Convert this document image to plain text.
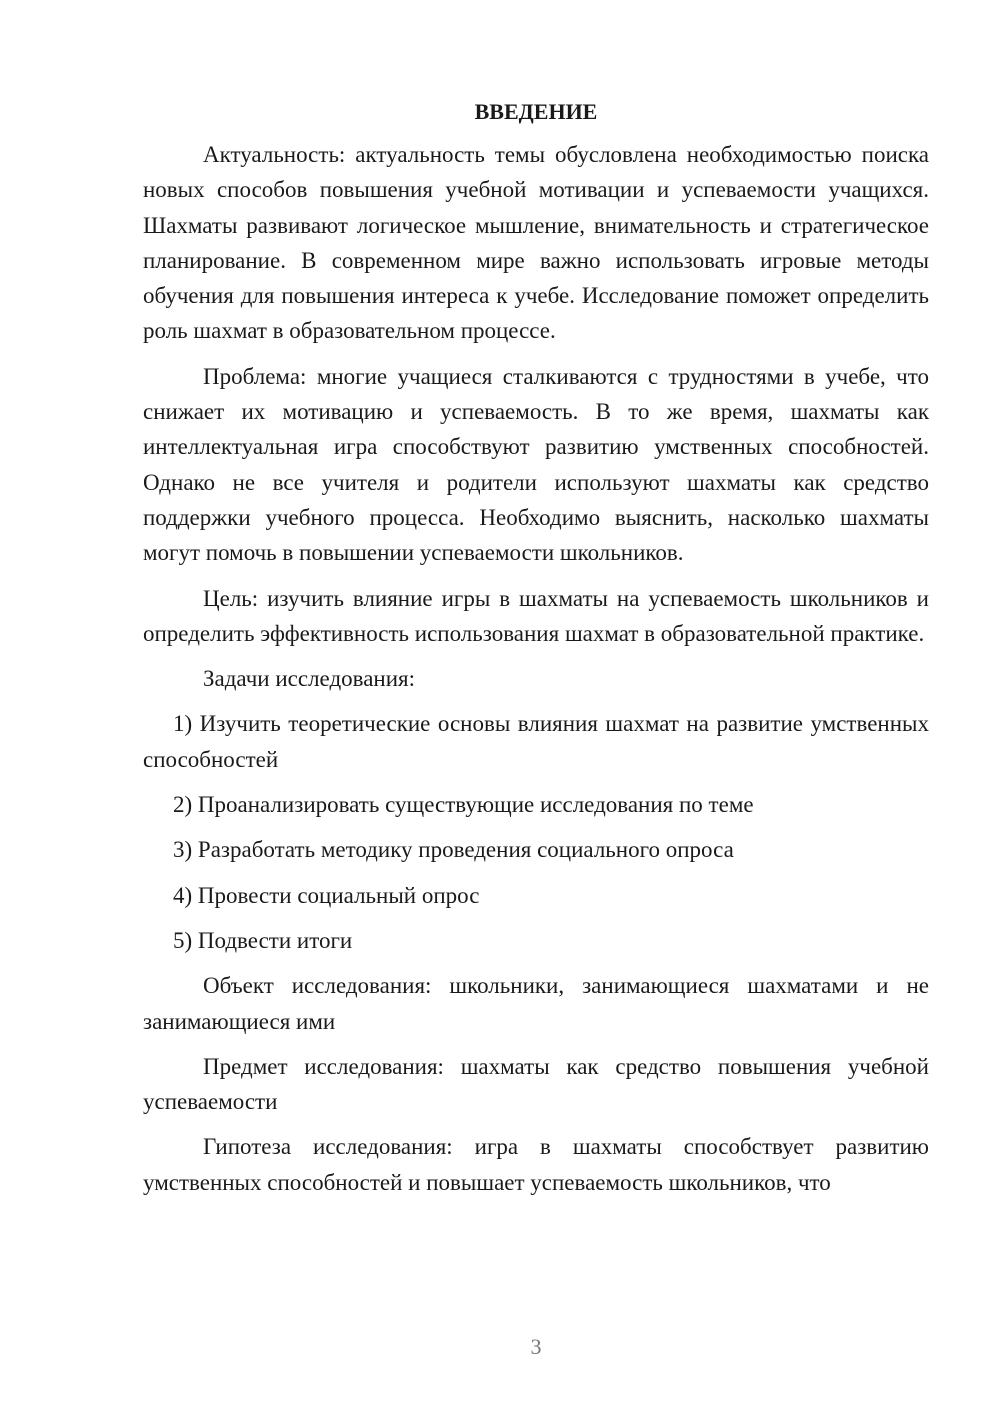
ВВЕДЕНИЕ

Актуальность: актуальность темы обусловлена необходимостью поиска новых способов повышения учебной мотивации и успеваемости учащихся. Шахматы развивают логическое мышление, внимательность и стратегическое планирование. В современном мире важно использовать игровые методы обучения для повышения интереса к учебе. Исследование поможет определить роль шахмат в образовательном процессе.

Проблема: многие учащиеся сталкиваются с трудностями в учебе, что снижает их мотивацию и успеваемость. В то же время, шахматы как интеллектуальная игра способствуют развитию умственных способностей. Однако не все учителя и родители используют шахматы как средство поддержки учебного процесса. Необходимо выяснить, насколько шахматы могут помочь в повышении успеваемости школьников.

Цель: изучить влияние игры в шахматы на успеваемость школьников и определить эффективность использования шахмат в образовательной практике.

Задачи исследования:

1) Изучить теоретические основы влияния шахмат на развитие умственных способностей

2) Проанализировать существующие исследования по теме

3) Разработать методику проведения социального опроса

4) Провести социальный опрос

5) Подвести итоги

Объект исследования: школьники, занимающиеся шахматами и не занимающиеся ими

Предмет исследования: шахматы как средство повышения учебной успеваемости

Гипотеза исследования: игра в шахматы способствует развитию умственных способностей и повышает успеваемость школьников, что

3
